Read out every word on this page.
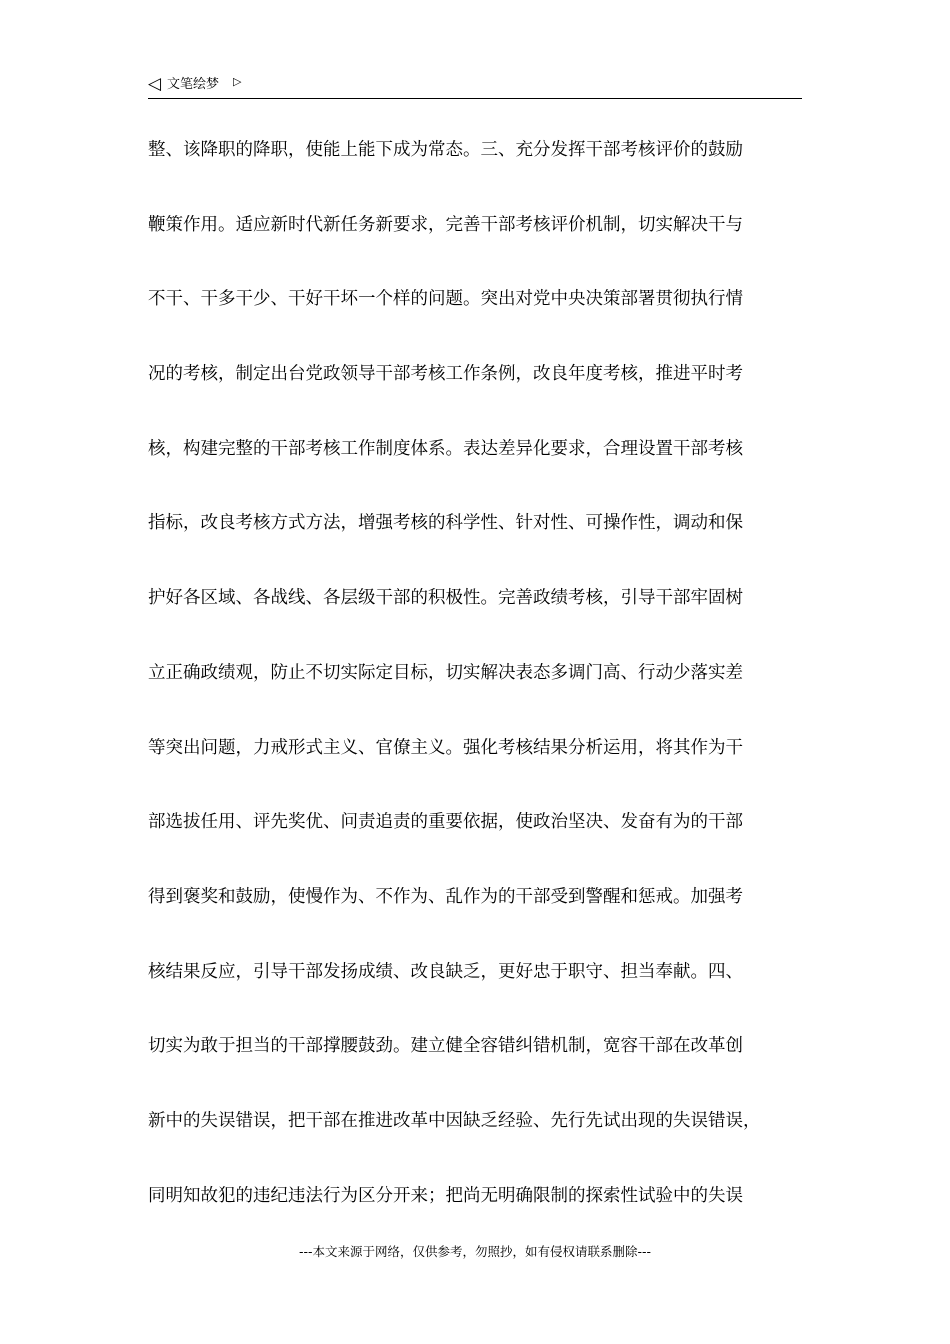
◁ 文笔绘梦 ▷
整、该降职的降职，使能上能下成为常态。三、充分发挥干部考核评价的鼓励
鞭策作用。适应新时代新任务新要求，完善干部考核评价机制，切实解决干与
不干、干多干少、干好干坏一个样的问题。突出对党中央决策部署贯彻执行情
况的考核，制定出台党政领导干部考核工作条例，改良年度考核，推进平时考
核，构建完整的干部考核工作制度体系。表达差异化要求，合理设置干部考核
指标，改良考核方式方法，增强考核的科学性、针对性、可操作性，调动和保
护好各区域、各战线、各层级干部的积极性。完善政绩考核，引导干部牢固树
立正确政绩观，防止不切实际定目标，切实解决表态多调门高、行动少落实差
等突出问题，力戒形式主义、官僚主义。强化考核结果分析运用，将其作为干
部选拔任用、评先奖优、问责追责的重要依据，使政治坚决、发奋有为的干部
得到褒奖和鼓励，使慢作为、不作为、乱作为的干部受到警醒和惩戒。加强考
核结果反应，引导干部发扬成绩、改良缺乏，更好忠于职守、担当奉献。四、
切实为敢于担当的干部撑腰鼓劲。建立健全容错纠错机制，宽容干部在改革创
新中的失误错误，把干部在推进改革中因缺乏经验、先行先试出现的失误错误，
同明知故犯的违纪违法行为区分开来；把尚无明确限制的探索性试验中的失误
---本文来源于网络，仅供参考，勿照抄，如有侵权请联系删除---
